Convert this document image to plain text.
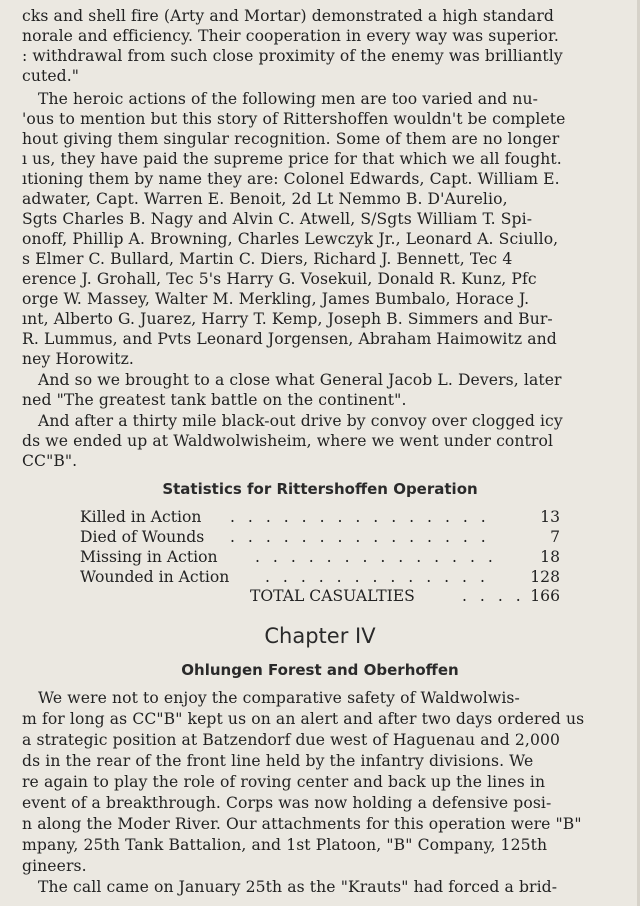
cks and shell fire (Arty and Mortar) demonstrated a high standard
norale and efficiency. Their cooperation in every way was superior.
: withdrawal from such close proximity of the enemy was brilliantly
cuted."
The heroic actions of the following men are too varied and nu-
'ous to mention but this story of Rittershoffen wouldn't be complete
hout giving them singular recognition. Some of them are no longer
ı us, they have paid the supreme price for that which we all fought.
ıtioning them by name they are: Colonel Edwards, Capt. William E.
adwater, Capt. Warren E. Benoit, 2d Lt Nemmo B. D'Aurelio,
Sgts Charles B. Nagy and Alvin C. Atwell, S/Sgts William T. Spi-
onoff, Phillip A. Browning, Charles Lewczyk Jr., Leonard A. Sciullo,
s Elmer C. Bullard, Martin C. Diers, Richard J. Bennett, Tec 4
erence J. Grohall, Tec 5's Harry G. Vosekuil, Donald R. Kunz, Pfc
orge W. Massey, Walter M. Merkling, James Bumbalo, Horace J.
ınt, Alberto G. Juarez, Harry T. Kemp, Joseph B. Simmers and Bur-
R. Lummus, and Pvts Leonard Jorgensen, Abraham Haimowitz and
ney Horowitz.
And so we brought to a close what General Jacob L. Devers, later
ned "The greatest tank battle on the continent".
And after a thirty mile black-out drive by convoy over clogged icy
ds we ended up at Waldwolwisheim, where we went under control
CC"B".
Statistics for Rittershoffen Operation
Killed in Action . . . . . . . . . . . . . . .	13
Died of Wounds . . . . . . . . . . . . . . .	7
Missing in Action . . . . . . . . . . . . . .	18
Wounded in Action . . . . . . . . . . . . .	128
TOTAL CASUALTIES	. . . . 166
Chapter IV
Ohlungen Forest and Oberhoffen
We were not to enjoy the comparative safety of Waldwolwis-
m for long as CC"B" kept us on an alert and after two days ordered us
a strategic position at Batzendorf due west of Haguenau and 2,000
ds in the rear of the front line held by the infantry divisions. We
re again to play the role of roving center and back up the lines in
event of a breakthrough. Corps was now holding a defensive posi-
n along the Moder River. Our attachments for this operation were "B"
mpany, 25th Tank Battalion, and 1st Platoon, "B" Company, 125th
gineers.
The call came on January 25th as the "Krauts" had forced a brid-
